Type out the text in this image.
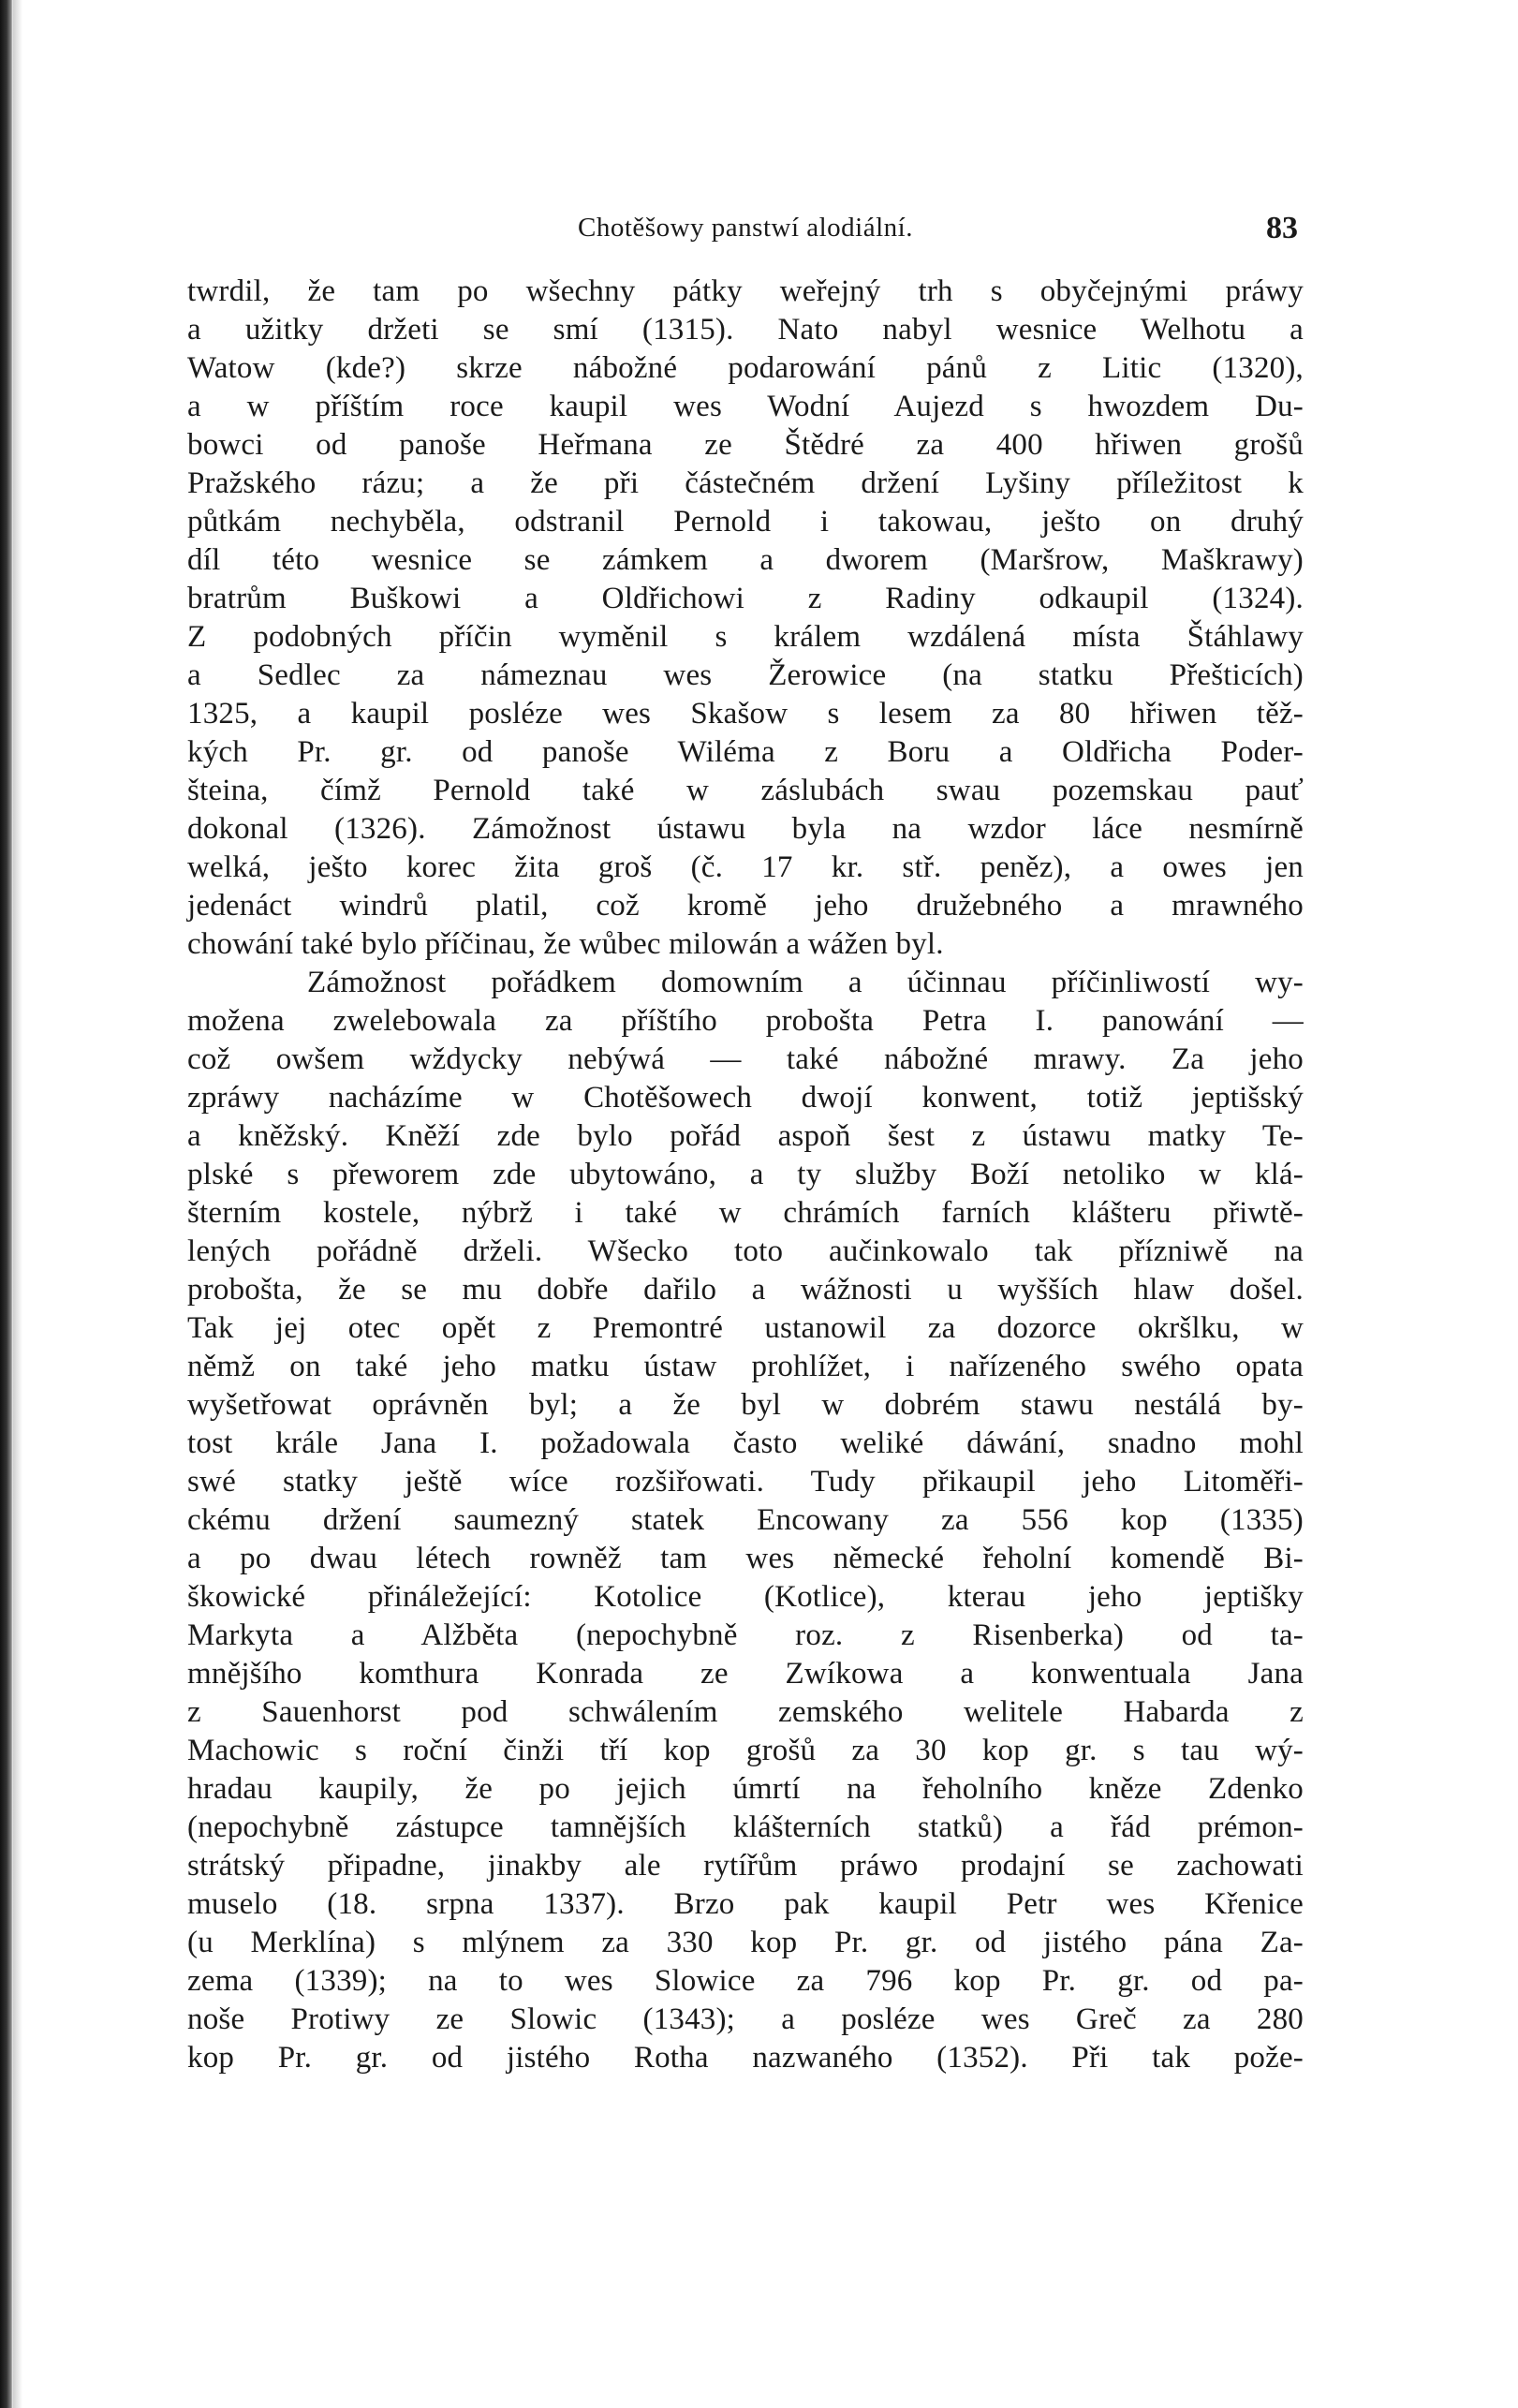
Chotěšowy panstwí alodiální.	83
twrdil, že tam po wšechny pátky weřejný trh s obyčejnými práwy
a užitky držeti se smí (1315). Nato nabyl wesnice Welhotu a
Watow (kde?) skrze nábožné podarowání pánů z Litic (1320),
a w příštím roce kaupil wes Wodní Aujezd s hwozdem Du-
bowci od panoše Heřmana ze Štědré za 400 hřiwen grošů
Pražského rázu; a že při částečném držení Lyšiny příležitost k
půtkám nechyběla, odstranil Pernold i takowau, ješto on druhý
díl této wesnice se zámkem a dworem (Maršrow, Maškrawy)
bratrům Buškowi a Oldřichowi z Radiny odkaupil (1324).
Z podobných příčin wyměnil s králem wzdálená místa Štáhlawy
a Sedlec za námeznau wes Žerowice (na statku Přešticích)
1325, a kaupil posléze wes Skašow s lesem za 80 hřiwen těž-
kých Pr. gr. od panoše Wiléma z Boru a Oldřicha Poder-
šteina, čímž Pernold také w záslubách swau pozemskau pauť
dokonal (1326). Zámožnost ústawu byla na wzdor láce nesmírně
welká, ješto korec žita groš (č. 17 kr. stř. peněz), a owes jen
jedenáct windrů platil, což kromě jeho družebného a mrawného
chowání také bylo příčinau, že wůbec milowán a wážen byl.
Zámožnost pořádkem domowním a účinnau příčinliwostí wy-
možena zwelebowala za příštího probošta Petra I. panowání —
což owšem wždycky nebýwá — také nábožné mrawy. Za jeho
zpráwy nacházíme w Chotěšowech dwojí konwent, totiž jeptišský
a kněžský. Kněží zde bylo pořád aspoň šest z ústawu matky Te-
plské s přeworem zde ubytowáno, a ty služby Boží netoliko w klá-
šterním kostele, nýbrž i také w chrámích farních klášteru přiwtě-
lených pořádně drželi. Wšecko toto aučinkowalo tak příznіwě na
probošta, že se mu dobře dařilo a wážnosti u wyšších hlaw došel.
Tak jej otec opět z Premontré ustanowil za dozorce okršlku, w
němž on také jeho matku ústaw prohlížet, i nařízeného swého opata
wyšetřowat oprávněn byl; a že byl w dobrém stawu nestálá by-
tost krále Jana I. požadowala často weliké dáwání, snadno mohl
swé statky ještě wíce rozšiřowati. Tudy přikaupil jeho Litoměři-
ckému držení saumezný statek Encowany za 556 kop (1335)
a po dwau létech rowněž tam wes německé řeholní komendě Bi-
škowické přináležející: Kotolice (Kotlice), kterau jeho jeptišky
Markyta a Alžběta (nepochybně roz. z Risenberka) od ta-
mnějšího komthura Konrada ze Zwíkowa a konwentuala Jana
z Sauenhorst pod schwálením zemského welitele Habarda z
Machowic s roční činži tří kop grošů za 30 kop gr. s tau wý-
hradau kaupily, že po jejich úmrtí na řeholního kněze Zdenko
(nepochybně zástupce tamnějších klášterních statků) a řád prémon-
strátský připadne, jinakby ale rytířům práwo prodajní se zachowati
muselo (18. srpna 1337). Brzo pak kaupil Petr wes Křenice
(u Merklína) s mlýnem za 330 kop Pr. gr. od jistého pána Za-
zema (1339); na to wes Slowice za 796 kop Pr. gr. od pa-
noše Protiwy ze Slowic (1343); a posléze wes Greč za 280
kop Pr. gr. od jistého Rotha nazwaného (1352). Při tak pože-
